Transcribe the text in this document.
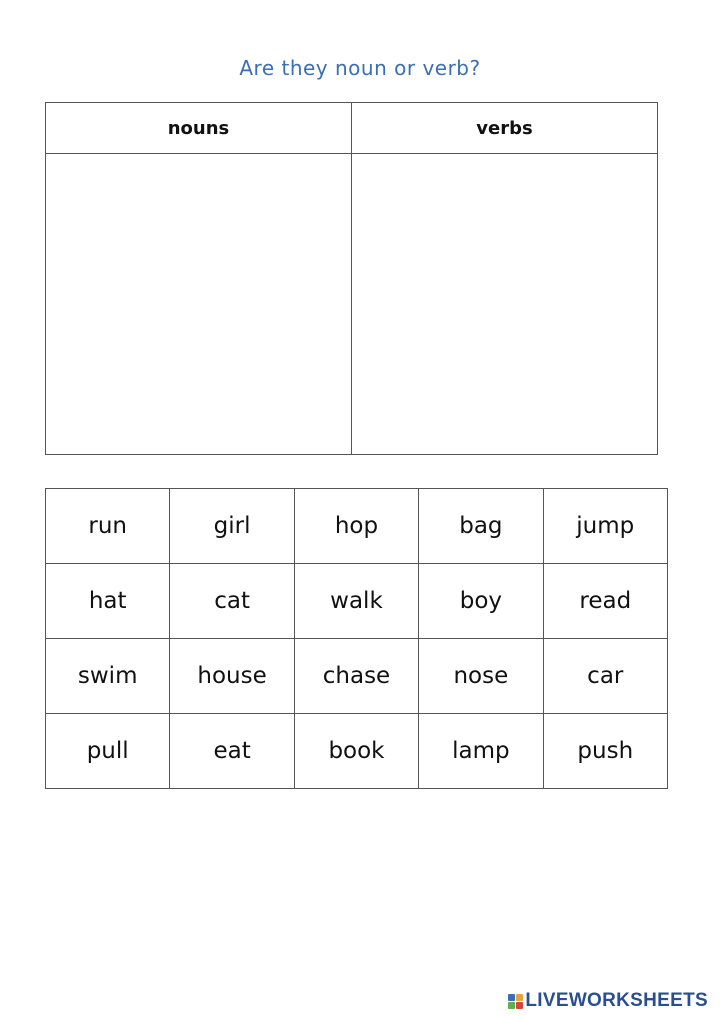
Are they noun or verb?
nouns	verbs

run	girl	hop	bag	jump
hat	cat	walk	boy	read
swim	house	chase	nose	car
pull	eat	book	lamp	push
LIVEWORKSHEETS
